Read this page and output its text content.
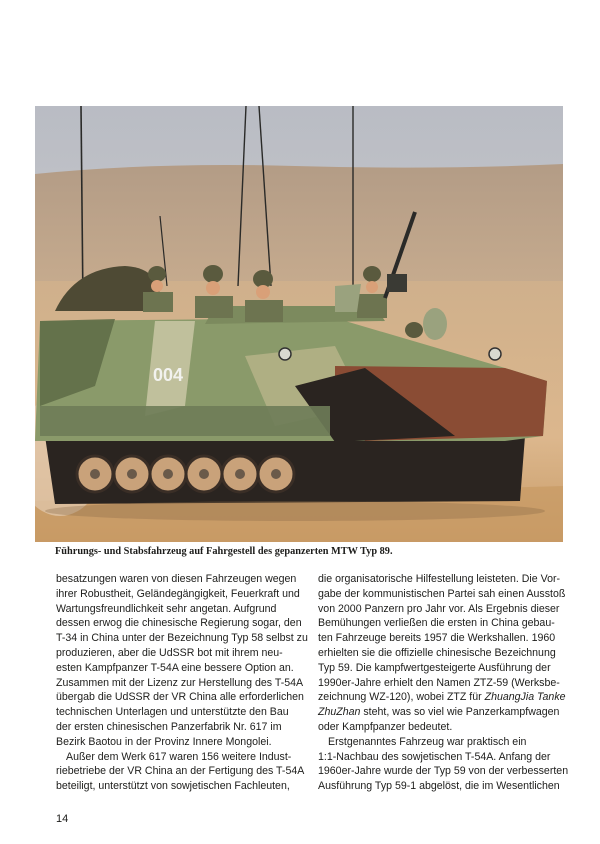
004
Führungs- und Stabsfahrzeug auf Fahrgestell des gepanzerten MTW Typ 89.

besatzungen waren von diesen Fahrzeugen wegen

ihrer Robustheit, Geländegängigkeit, Feuerkraft und

Wartungsfreundlichkeit sehr angetan. Aufgrund

dessen erwog die chinesische Regierung sogar, den

T-34 in China unter der Bezeichnung Typ 58 selbst zu

produzieren, aber die UdSSR bot mit ihrem neu-

esten Kampfpanzer T-54A eine bessere Option an.

Zusammen mit der Lizenz zur Herstellung des T-54A

übergab die UdSSR der VR China alle erforderlichen

technischen Unterlagen und unterstützte den Bau

der ersten chinesischen Panzerfabrik Nr. 617 im

Bezirk Baotou in der Provinz Innere Mongolei.

Außer dem Werk 617 waren 156 weitere Indust-

riebetriebe der VR China an der Fertigung des T-54A

beteiligt, unterstützt von sowjetischen Fachleuten,

die organisatorische Hilfestellung leisteten. Die Vor-

gabe der kommunistischen Partei sah einen Ausstoß

von 2000 Panzern pro Jahr vor. Als Ergebnis dieser

Bemühungen verließen die ersten in China gebau-

ten Fahrzeuge bereits 1957 die Werkshallen. 1960

erhielten sie die offizielle chinesische Bezeichnung

Typ 59. Die kampfwertgesteigerte Ausführung der

1990er-Jahre erhielt den Namen ZTZ-59 (Werksbe-

zeichnung WZ-120), wobei ZTZ für ZhuangJia Tanke

ZhuZhan steht, was so viel wie Panzerkampfwagen

oder Kampfpanzer bedeutet.

Erstgenanntes Fahrzeug war praktisch ein

1:1-Nachbau des sowjetischen T-54A. Anfang der

1960er-Jahre wurde der Typ 59 von der verbesserten

Ausführung Typ 59-1 abgelöst, die im Wesentlichen

14
